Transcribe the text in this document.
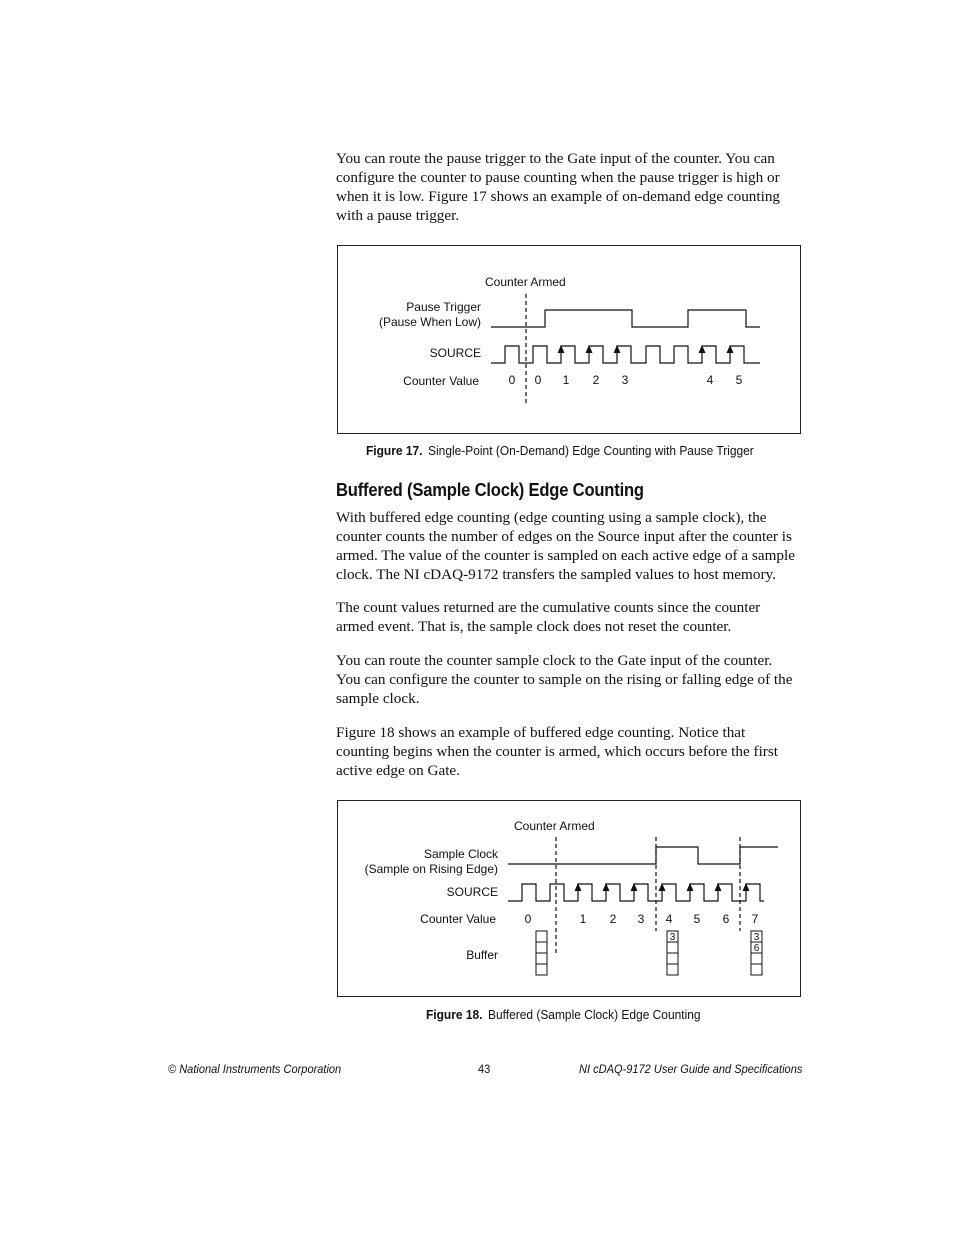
You can route the pause trigger to the Gate input of the counter. You can configure the counter to pause counting when the pause trigger is high or when it is low. Figure 17 shows an example of on-demand edge counting with a pause trigger.
Counter Armed
Pause Trigger
(Pause When Low)
SOURCE
Counter Value 0 0 1 2 3	4 5
Figure 17. Single-Point (On-Demand) Edge Counting with Pause Trigger
Buffered (Sample Clock) Edge Counting
With buffered edge counting (edge counting using a sample clock), the counter counts the number of edges on the Source input after the counter is armed. The value of the counter is sampled on each active edge of a sample clock. The NI cDAQ-9172 transfers the sampled values to host memory.
The count values returned are the cumulative counts since the counter armed event. That is, the sample clock does not reset the counter.
You can route the counter sample clock to the Gate input of the counter. You can configure the counter to sample on the rising or falling edge of the sample clock.
Figure 18 shows an example of buffered edge counting. Notice that counting begins when the counter is armed, which occurs before the first active edge on Gate.
Counter Armed
Sample Clock
(Sample on Rising Edge)
SOURCE
Counter Value 0	1 2 3 4 5 6 7
Buffer
3	3
6
Figure 18. Buffered (Sample Clock) Edge Counting
© National Instruments Corporation	43	NI cDAQ-9172 User Guide and Specifications
